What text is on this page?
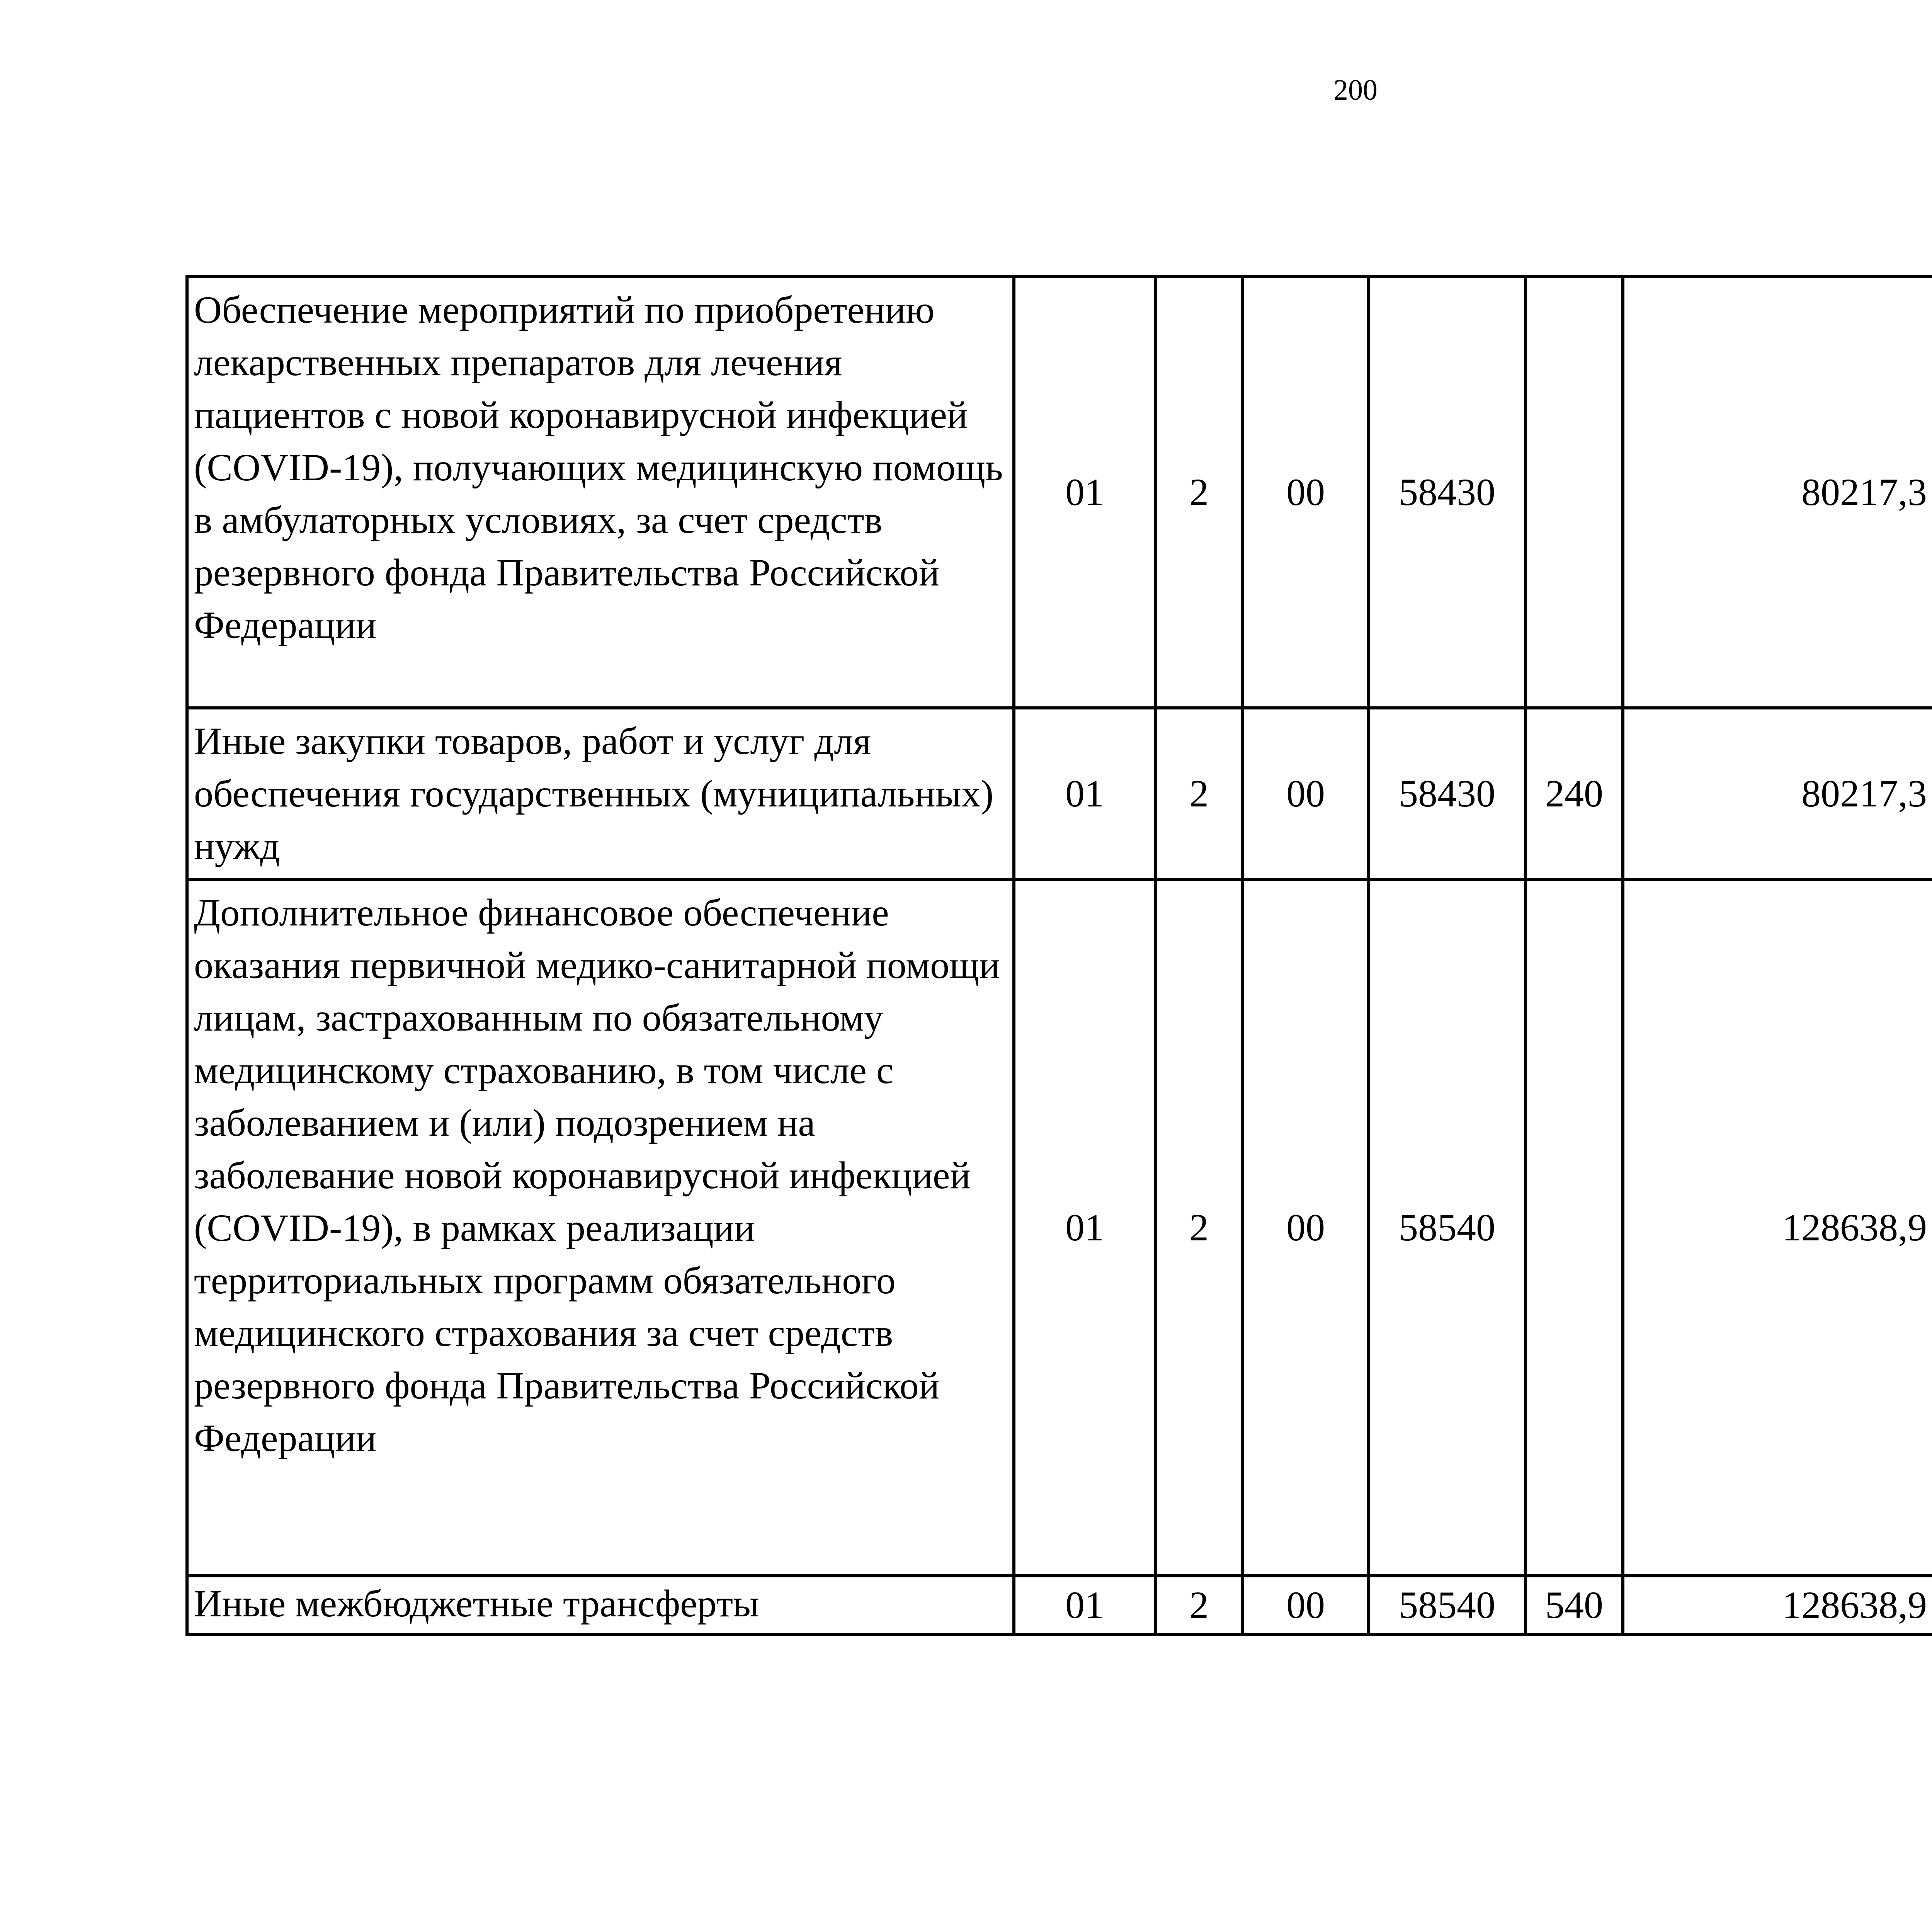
200
Обеспечение мероприятий по приобретению лекарственных препаратов для лечения пациентов с новой коронавирусной инфекцией (COVID-19), получающих медицинскую помощь в амбулаторных условиях, за счет средств резервного фонда Правительства Российской Федерации	01	2	00	58430		80217,3		
Иные закупки товаров, работ и услуг для обеспечения государственных (муниципальных) нужд	01	2	00	58430	240	80217,3		
Дополнительное финансовое обеспечение оказания первичной медико-санитарной помощи лицам, застрахованным по обязательному медицинскому страхованию, в том числе с заболеванием и (или) подозрением на заболевание новой коронавирусной инфекцией (COVID-19), в рамках реализации территориальных программ обязательного медицинского страхования за счет средств резервного фонда Правительства Российской Федерации	01	2	00	58540		128638,9		
Иные межбюджетные трансферты	01	2	00	58540	540	128638,9		
